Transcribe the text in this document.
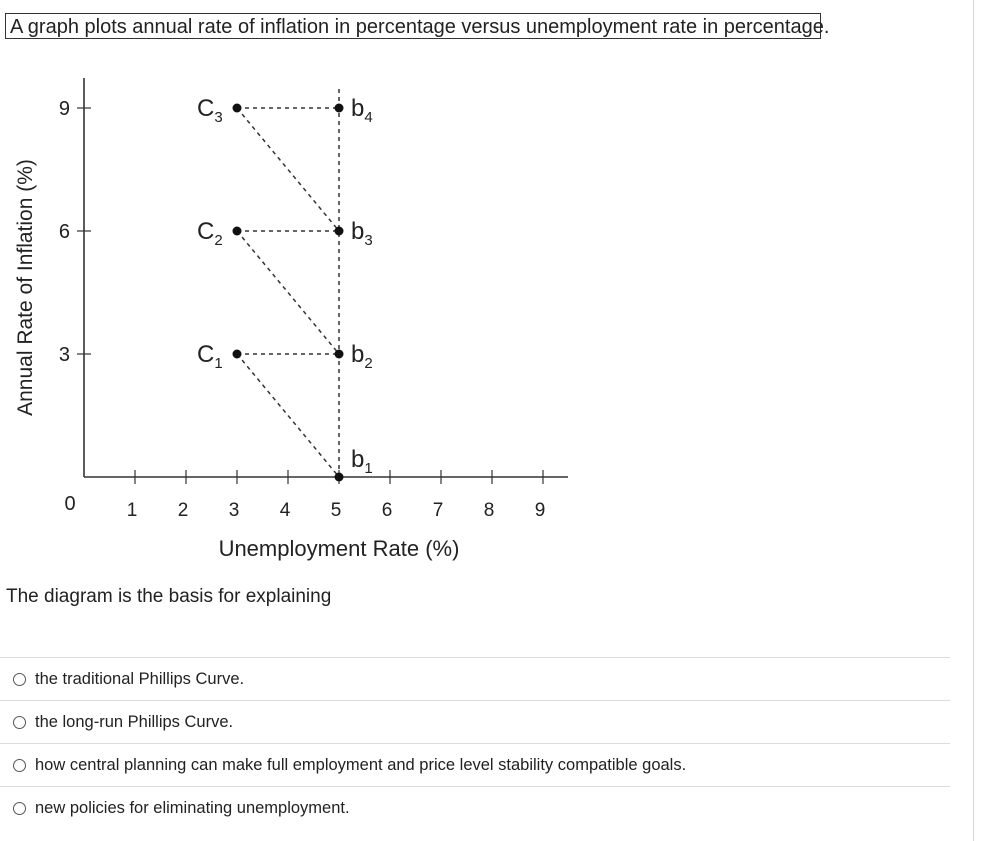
A graph plots annual rate of inflation in percentage versus unemployment rate in percentage.
1 2 3 4 5 6 7 8 9
3
6
9
0
Unemployment Rate (%)
Annual Rate of Inflation (%)	$C_1$
$C_2$
$C_3$
$b_1$
$b_2$
$b_3$
$b_4$
The diagram is the basis for explaining
the traditional Phillips Curve.
the long-run Phillips Curve.
how central planning can make full employment and price level stability compatible goals.
new policies for eliminating unemployment.
